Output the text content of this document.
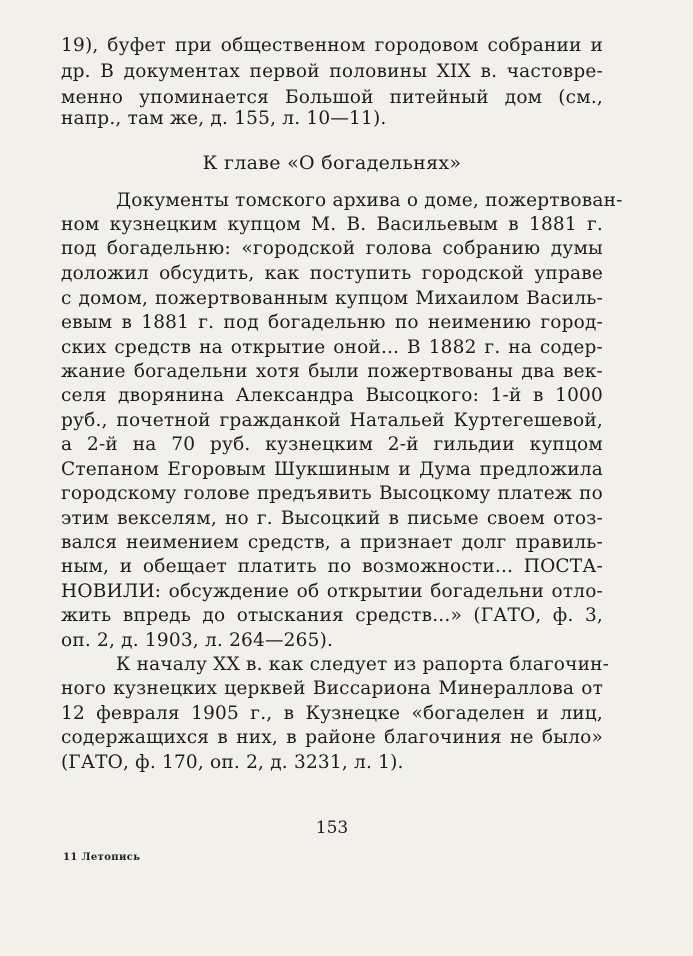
19), буфет при общественном городовом собрании и
др. В документах первой половины XIX в. частовре-
менно упоминается Большой питейный дом (см.,
напр., там же, д. 155, л. 10—11).
К главе «О богадельнях»
Документы томского архива о доме, пожертвован-
ном кузнецким купцом М. В. Васильевым в 1881 г.
под богадельню: «городской голова собранию думы
доложил обсудить, как поступить городской управе
с домом, пожертвованным купцом Михаилом Василь-
евым в 1881 г. под богадельню по неимению город-
ских средств на открытие оной... В 1882 г. на содер-
жание богадельни хотя были пожертвованы два век-
селя дворянина Александра Высоцкого: 1-й в 1000
руб., почетной гражданкой Натальей Куртегешевой,
а 2-й на 70 руб. кузнецким 2-й гильдии купцом
Степаном Егоровым Шукшиным и Дума предложила
городскому голове предъявить Высоцкому платеж по
этим векселям, но г. Высоцкий в письме своем отоз-
вался неимением средств, а признает долг правиль-
ным, и обещает платить по возможности... ПОСТА-
НОВИЛИ: обсуждение об открытии богадельни отло-
жить впредь до отыскания средств...» (ГАТО, ф. 3,
оп. 2, д. 1903, л. 264—265).
К началу XX в. как следует из рапорта благочин-
ного кузнецких церквей Виссариона Минераллова от
12 февраля 1905 г., в Кузнецке «богаделен и лиц,
содержащихся в них, в районе благочиния не было»
(ГАТО, ф. 170, оп. 2, д. 3231, л. 1).
153
11 Летопись
